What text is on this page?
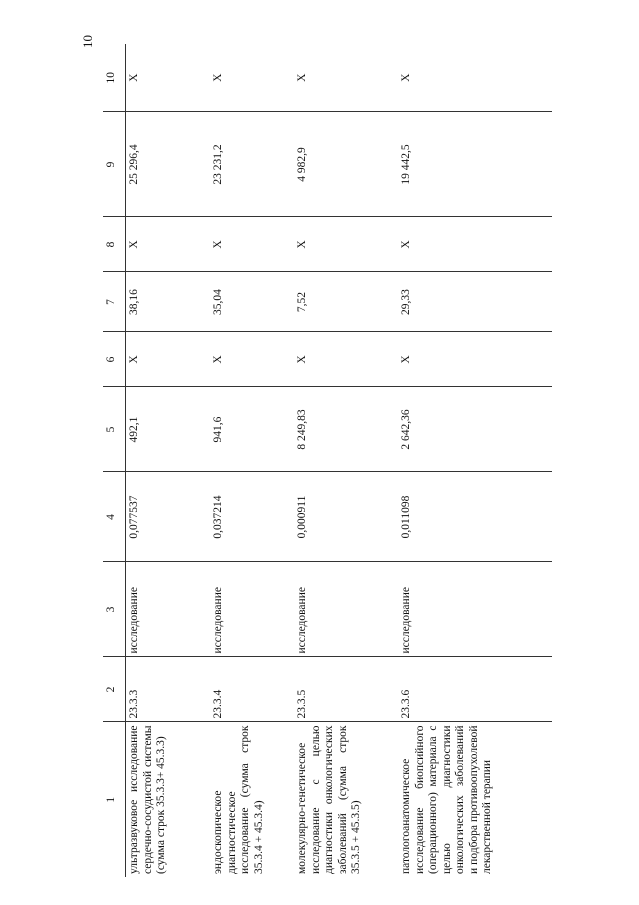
10
1	2	3	4	5	6	7	8	9	10
ультразвуковое исследование сердечно-сосудистой системы (сумма строк 35.3.3+ 45.3.3)	23.3.3	исследование	0,077537	492,1	Х	38,16	Х	25 296,4	Х
эндоскопическое диагностическое исследование (сумма строк 35.3.4 + 45.3.4)	23.3.4	исследование	0,037214	941,6	Х	35,04	Х	23 231,2	Х
молекулярно-генетическое исследование с целью диагностики онкологических заболеваний (сумма строк 35.3.5 + 45.3.5)	23.3.5	исследование	0,000911	8 249,83	Х	7,52	Х	4 982,9	Х
патологоанатомическое исследование биопсийного (операционного) материала с целью диагностики онкологических заболеваний и подбора противоопухолевой лекарственной терапии	23.3.6	исследование	0,011098	2 642,36	Х	29,33	Х	19 442,5	Х
